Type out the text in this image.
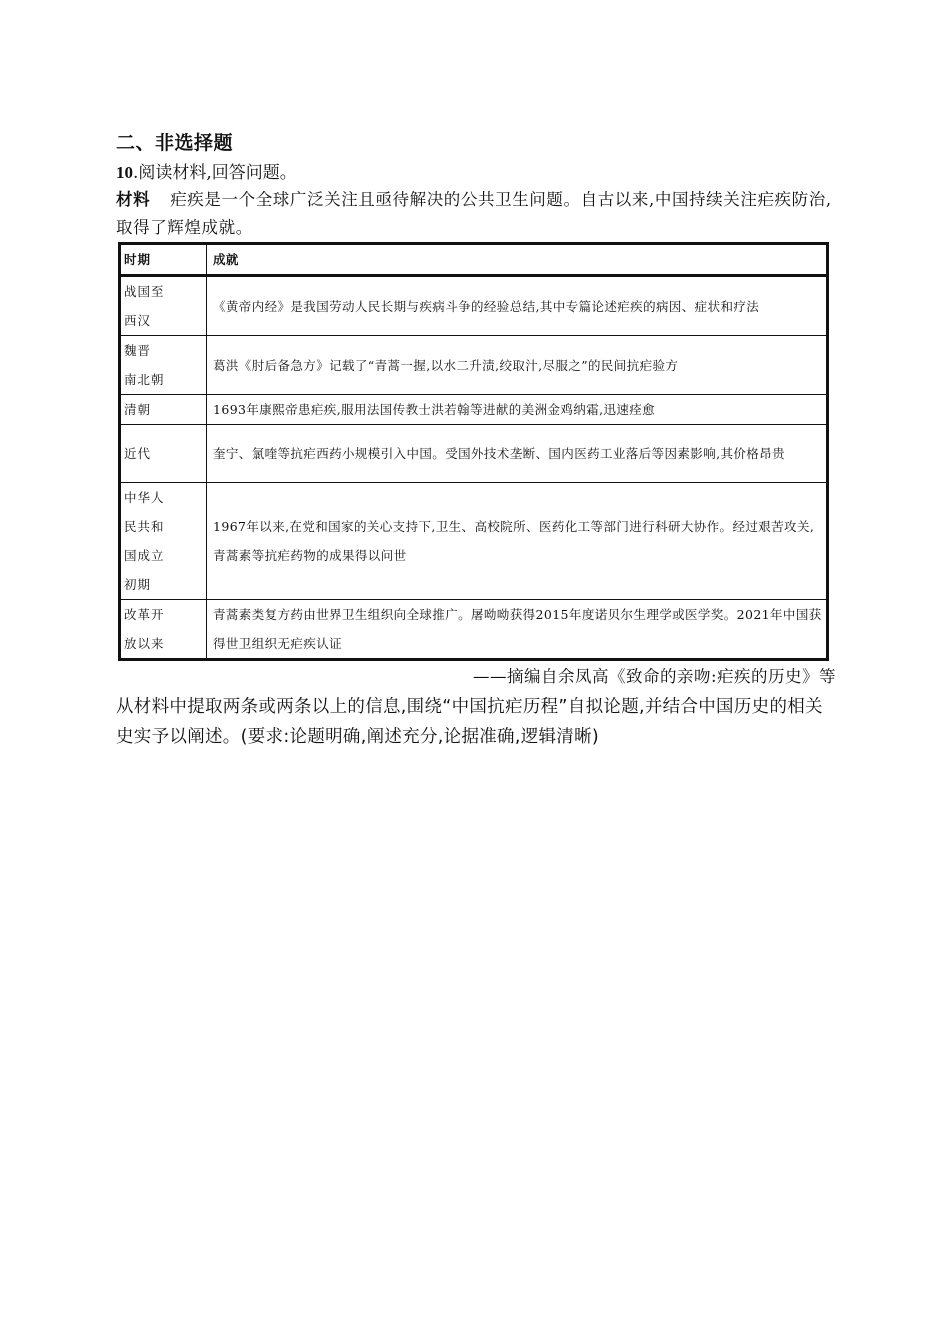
二、非选择题
10.阅读材料,回答问题。
材料 疟疾是一个全球广泛关注且亟待解决的公共卫生问题。自古以来,中国持续关注疟疾防治,取得了辉煌成就。
时期	成就
战国至
西汉	《黄帝内经》是我国劳动人民长期与疾病斗争的经验总结,其中专篇论述疟疾的病因、症状和疗法
魏晋
南北朝	葛洪《肘后备急方》记载了“青蒿一握,以水二升渍,绞取汁,尽服之”的民间抗疟验方
清朝	1693年康熙帝患疟疾,服用法国传教士洪若翰等进献的美洲金鸡纳霜,迅速痊愈
近代	奎宁、氯喹等抗疟西药小规模引入中国。受国外技术垄断、国内医药工业落后等因素影响,其价格昂贵
中华人
民共和
国成立
初期	1967年以来,在党和国家的关心支持下,卫生、高校院所、医药化工等部门进行科研大协作。经过艰苦攻关,青蒿素等抗疟药物的成果得以问世
改革开
放以来	青蒿素类复方药由世界卫生组织向全球推广。屠呦呦获得2015年度诺贝尔生理学或医学奖。2021年中国获得世卫组织无疟疾认证
——摘编自余凤高《致命的亲吻:疟疾的历史》等
从材料中提取两条或两条以上的信息,围绕“中国抗疟历程”自拟论题,并结合中国历史的相关史实予以阐述。(要求:论题明确,阐述充分,论据准确,逻辑清晰)
